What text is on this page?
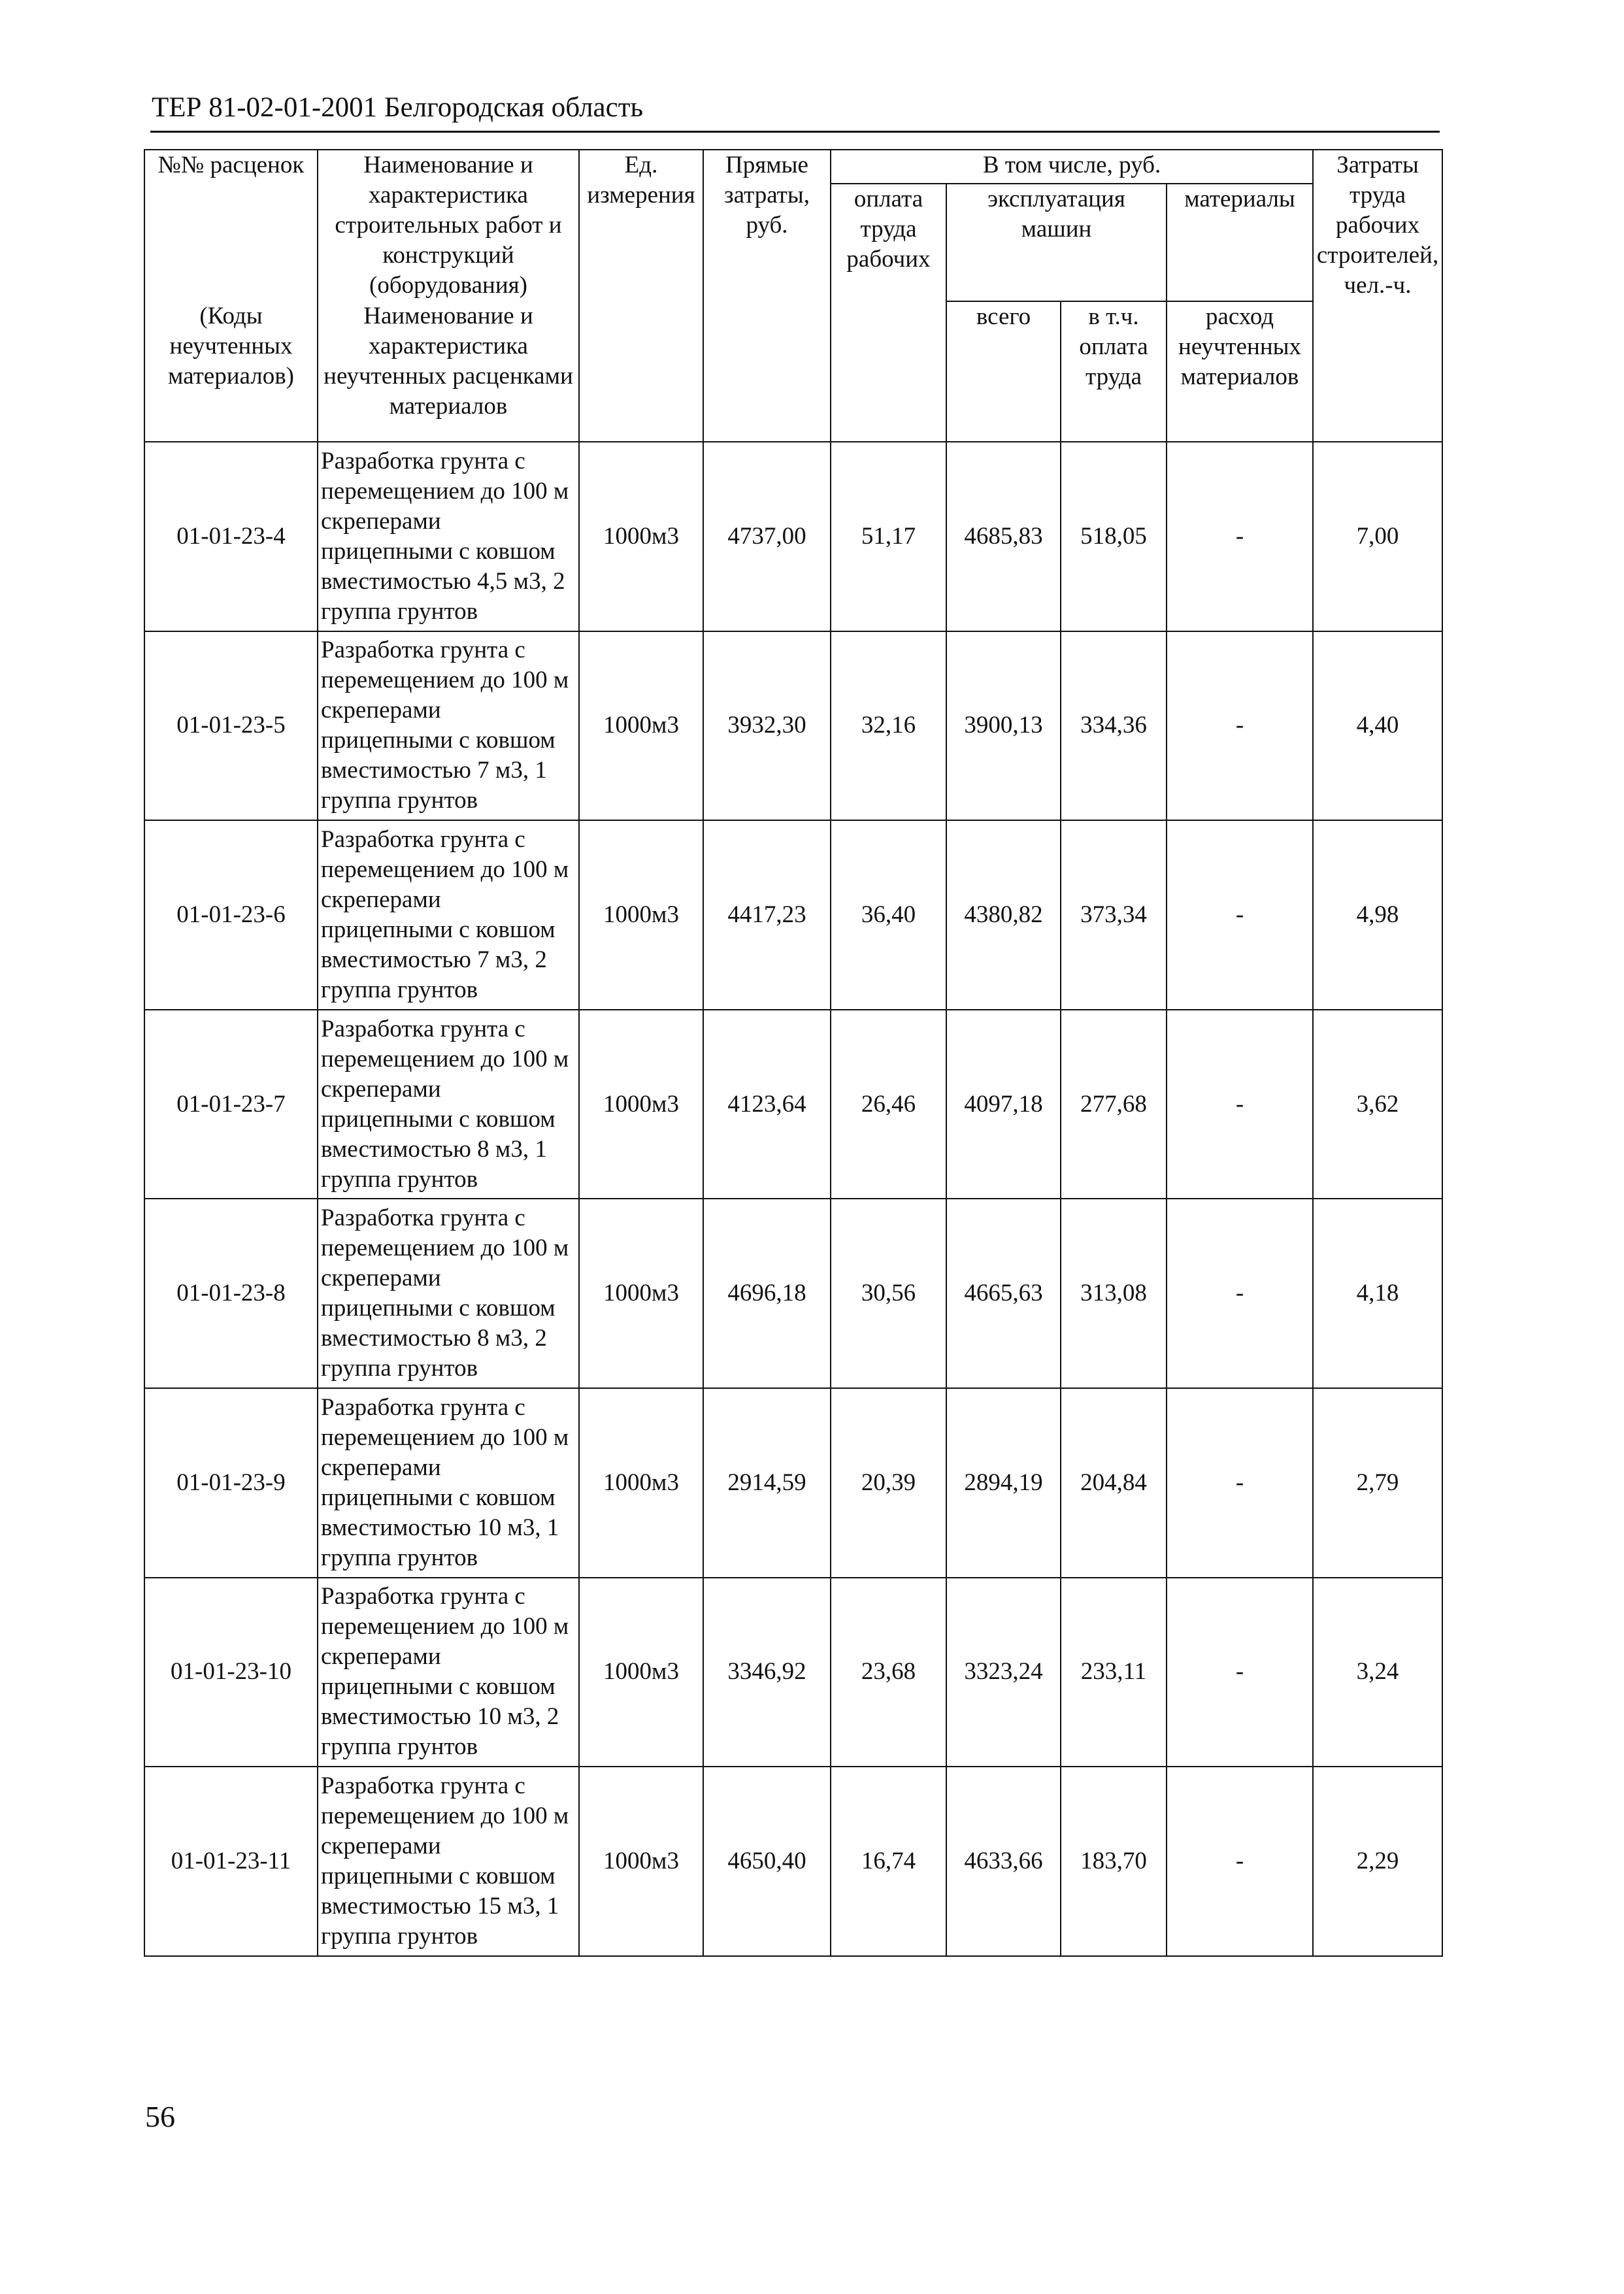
ТЕР 81-02-01-2001 Белгородская область
№№ расценок	Наименование и характеристика строительных работ и конструкций (оборудования)	Ед. измерения	Прямые затраты, руб.	В том числе, руб.				Затраты труда рабочих строителей, чел.-ч.
				оплата труда рабочих	эксплуатация машин		материалы	
(Коды неучтенных материалов)	Наименование и характеристика неучтенных расценками материалов				всего	в т.ч. оплата труда	расход неучтенных материалов	
01-01-23-4	Разработка грунта с перемещением до 100 м скреперами прицепными с ковшом вместимостью 4,5 м3, 2 группа грунтов	1000м3	4737,00	51,17	4685,83	518,05	-	7,00
01-01-23-5	Разработка грунта с перемещением до 100 м скреперами прицепными с ковшом вместимостью 7 м3, 1 группа грунтов	1000м3	3932,30	32,16	3900,13	334,36	-	4,40
01-01-23-6	Разработка грунта с перемещением до 100 м скреперами прицепными с ковшом вместимостью 7 м3, 2 группа грунтов	1000м3	4417,23	36,40	4380,82	373,34	-	4,98
01-01-23-7	Разработка грунта с перемещением до 100 м скреперами прицепными с ковшом вместимостью 8 м3, 1 группа грунтов	1000м3	4123,64	26,46	4097,18	277,68	-	3,62
01-01-23-8	Разработка грунта с перемещением до 100 м скреперами прицепными с ковшом вместимостью 8 м3, 2 группа грунтов	1000м3	4696,18	30,56	4665,63	313,08	-	4,18
01-01-23-9	Разработка грунта с перемещением до 100 м скреперами прицепными с ковшом вместимостью 10 м3, 1 группа грунтов	1000м3	2914,59	20,39	2894,19	204,84	-	2,79
01-01-23-10	Разработка грунта с перемещением до 100 м скреперами прицепными с ковшом вместимостью 10 м3, 2 группа грунтов	1000м3	3346,92	23,68	3323,24	233,11	-	3,24
01-01-23-11	Разработка грунта с перемещением до 100 м скреперами прицепными с ковшом вместимостью 15 м3, 1 группа грунтов	1000м3	4650,40	16,74	4633,66	183,70	-	2,29
56
